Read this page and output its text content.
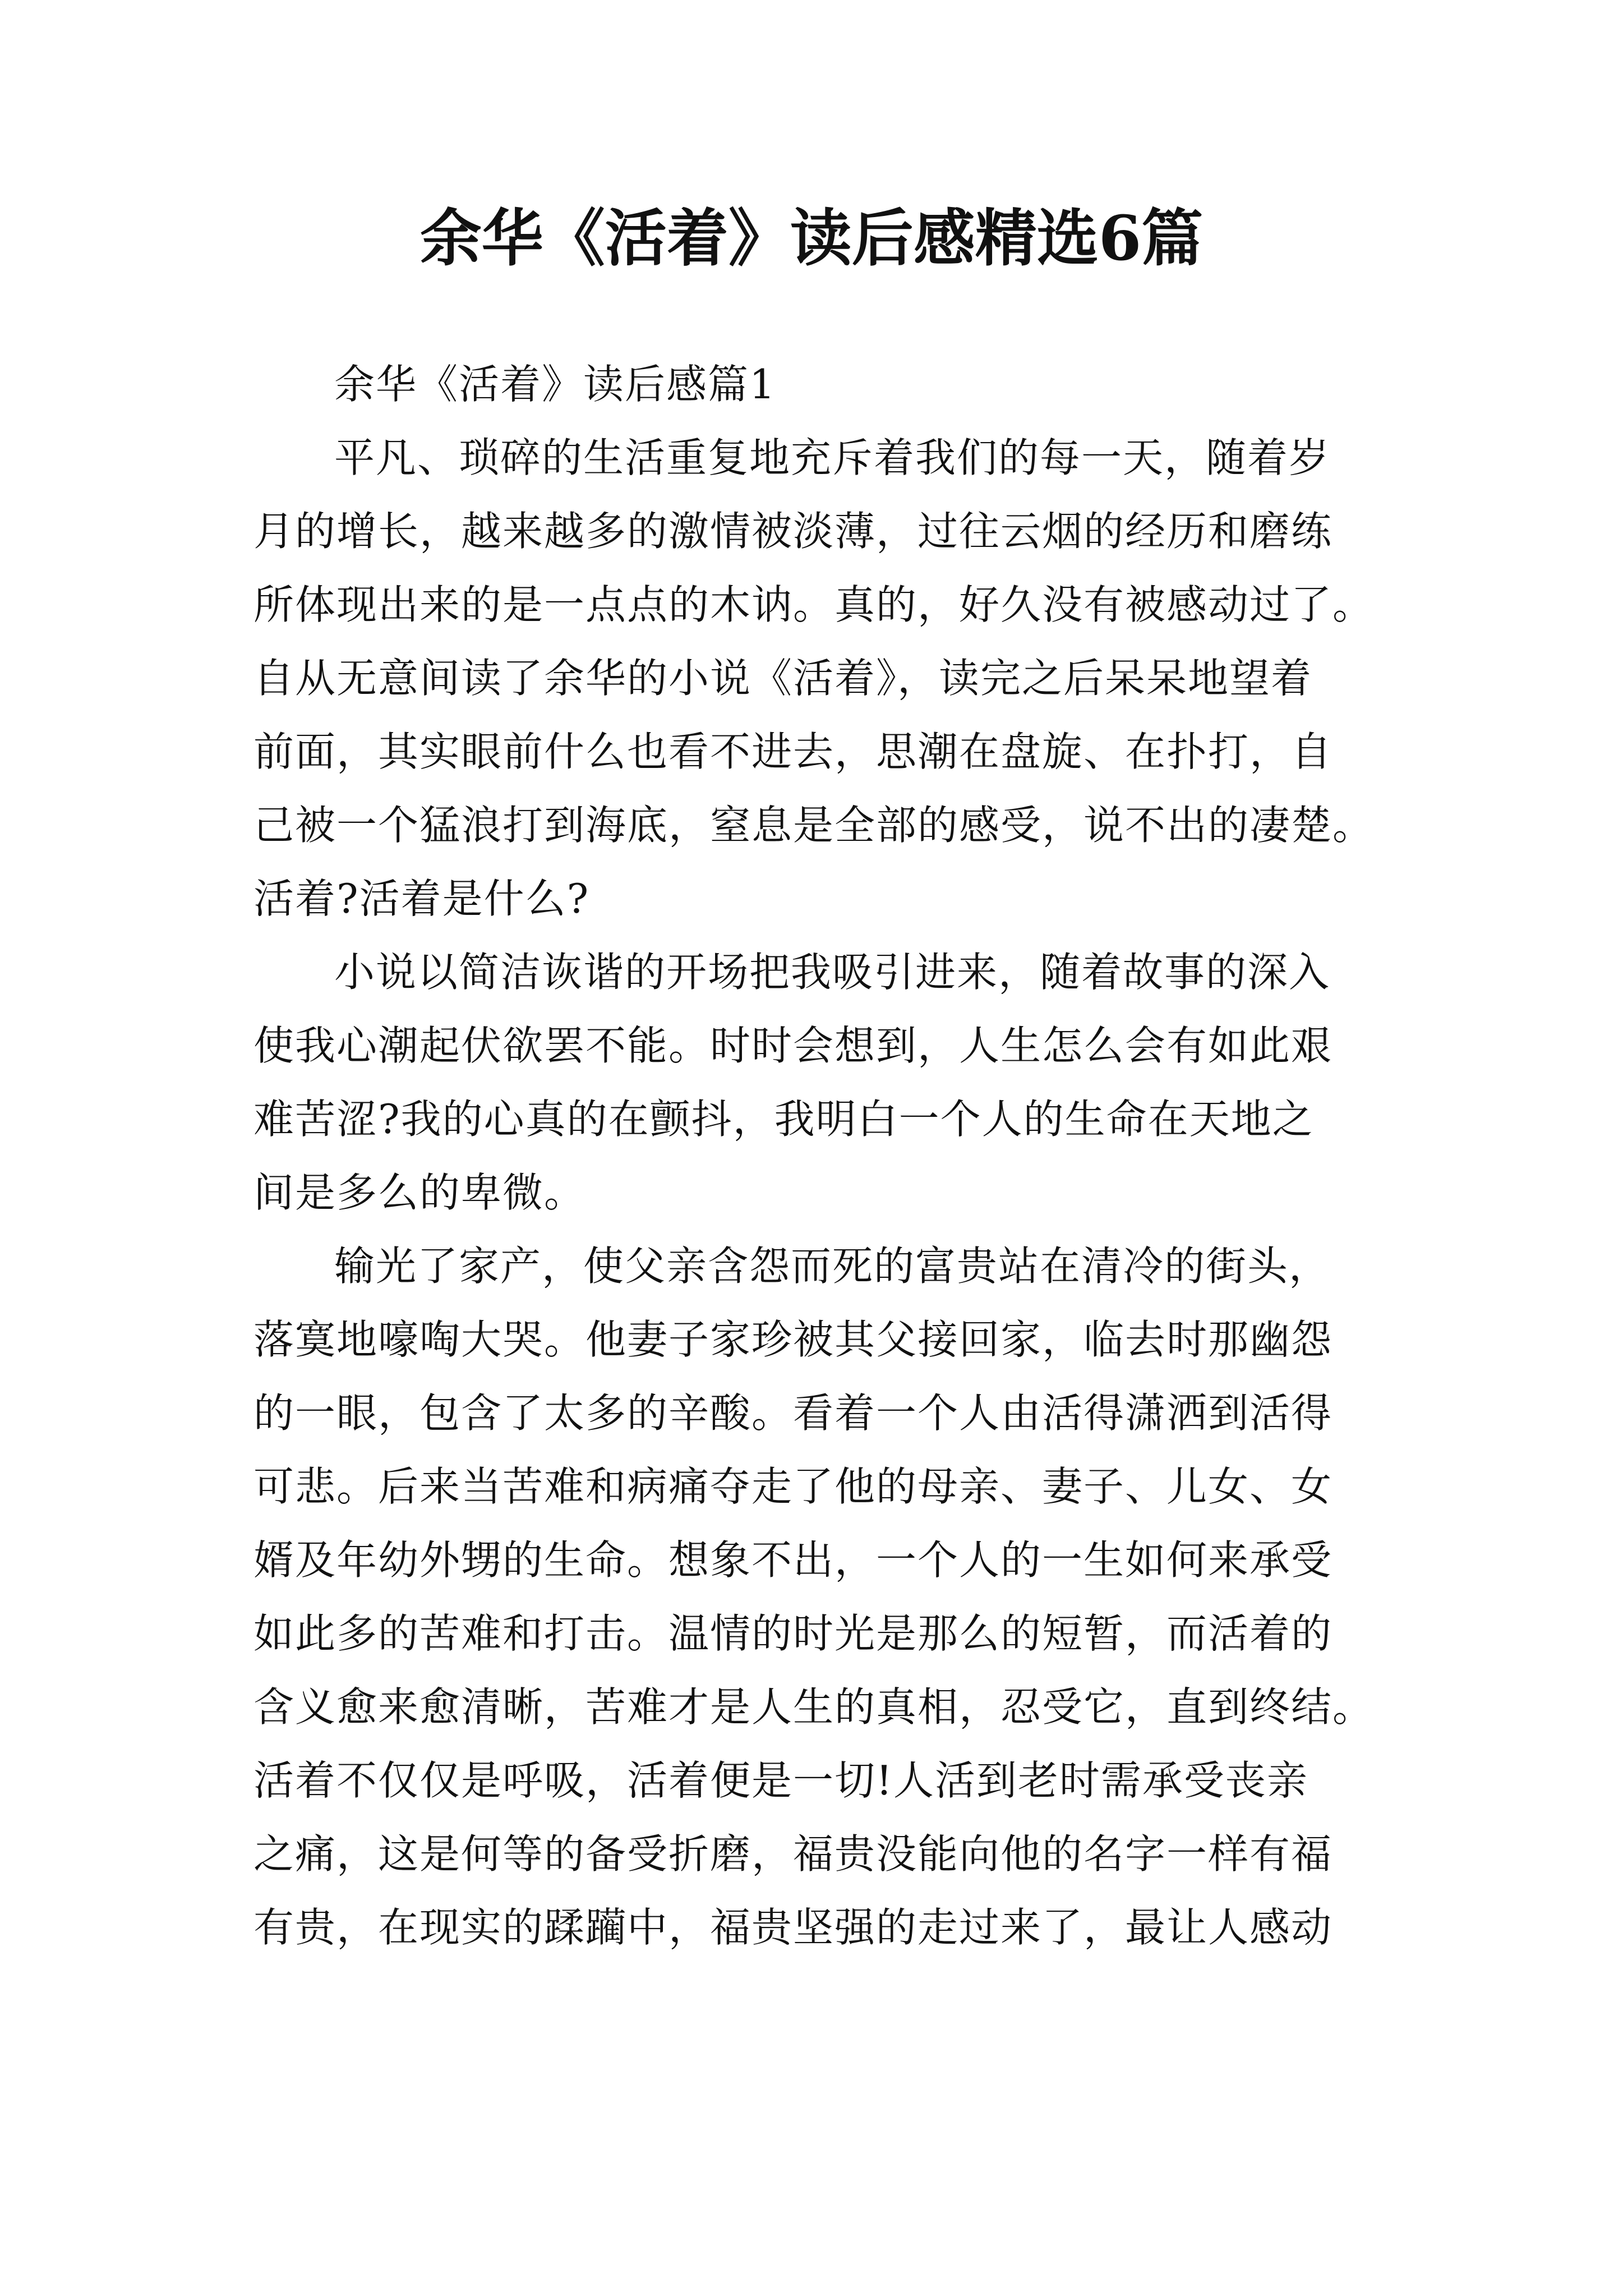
余华《活着》读后感精选6篇

余华《活着》读后感篇1

平凡、琐碎的生活重复地充斥着我们的每一天，随着岁

月的增长，越来越多的激情被淡薄，过往云烟的经历和磨练

所体现出来的是一点点的木讷。真的，好久没有被感动过了。

自从无意间读了余华的小说《活着》，读完之后呆呆地望着

前面，其实眼前什么也看不进去，思潮在盘旋、在扑打，自

己被一个猛浪打到海底，窒息是全部的感受，说不出的凄楚。

活着?活着是什么?

小说以简洁诙谐的开场把我吸引进来，随着故事的深入

使我心潮起伏欲罢不能。时时会想到，人生怎么会有如此艰

难苦涩?我的心真的在颤抖，我明白一个人的生命在天地之

间是多么的卑微。

输光了家产，使父亲含怨而死的富贵站在清冷的街头，

落寞地嚎啕大哭。他妻子家珍被其父接回家，临去时那幽怨

的一眼，包含了太多的辛酸。看着一个人由活得潇洒到活得

可悲。后来当苦难和病痛夺走了他的母亲、妻子、儿女、女

婿及年幼外甥的生命。想象不出，一个人的一生如何来承受

如此多的苦难和打击。温情的时光是那么的短暂，而活着的

含义愈来愈清晰，苦难才是人生的真相，忍受它，直到终结。

活着不仅仅是呼吸，活着便是一切!人活到老时需承受丧亲

之痛，这是何等的备受折磨，福贵没能向他的名字一样有福

有贵，在现实的蹂躏中，福贵坚强的走过来了，最让人感动
